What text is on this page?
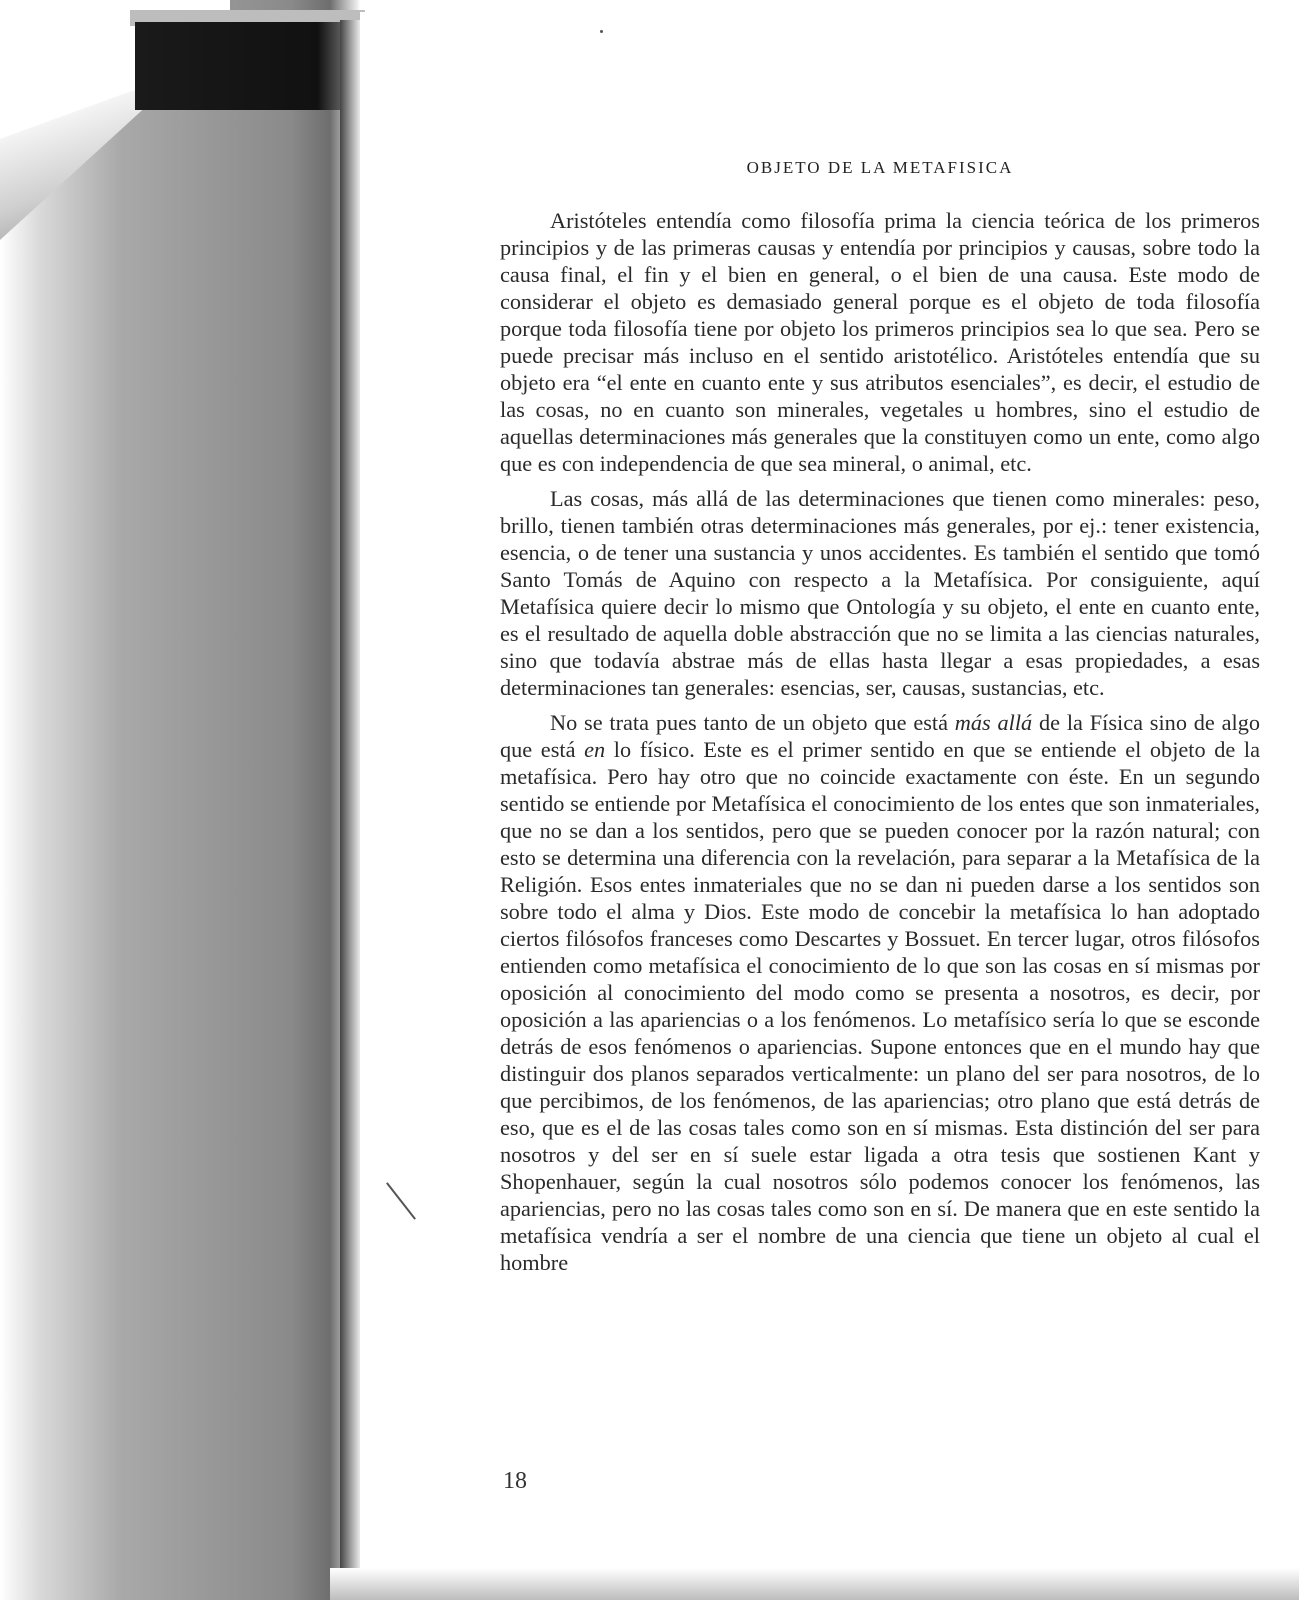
OBJETO DE LA METAFISICA

Aristóteles entendía como filosofía prima la ciencia teórica de los primeros principios y de las primeras causas y entendía por principios y causas, sobre todo la causa final, el fin y el bien en general, o el bien de una causa. Este modo de considerar el objeto es demasiado general porque es el objeto de toda filosofía porque toda filosofía tiene por objeto los primeros principios sea lo que sea. Pero se puede precisar más incluso en el sentido aristotélico. Aristóteles entendía que su objeto era “el ente en cuanto ente y sus atributos esenciales”, es decir, el estudio de las cosas, no en cuanto son minerales, vegetales u hombres, sino el estudio de aquellas determinaciones más generales que la constituyen como un ente, como algo que es con independencia de que sea mineral, o animal, etc.

Las cosas, más allá de las determinaciones que tienen como minerales: peso, brillo, tienen también otras determinaciones más generales, por ej.: tener existencia, esencia, o de tener una sustancia y unos accidentes. Es también el sentido que tomó Santo Tomás de Aquino con respecto a la Metafísica. Por consiguiente, aquí Metafísica quiere decir lo mismo que Ontología y su objeto, el ente en cuanto ente, es el resultado de aquella doble abstracción que no se limita a las ciencias naturales, sino que todavía abstrae más de ellas hasta llegar a esas propiedades, a esas determinaciones tan generales: esencias, ser, causas, sustancias, etc.

No se trata pues tanto de un objeto que está más allá de la Física sino de algo que está en lo físico. Este es el primer sentido en que se entiende el objeto de la metafísica. Pero hay otro que no coincide exactamente con éste. En un segundo sentido se entiende por Metafísica el conocimiento de los entes que son inmateriales, que no se dan a los sentidos, pero que se pueden conocer por la razón natural; con esto se determina una diferencia con la revelación, para separar a la Metafísica de la Religión. Esos entes inmateriales que no se dan ni pueden darse a los sentidos son sobre todo el alma y Dios. Este modo de concebir la metafísica lo han adoptado ciertos filósofos franceses como Descartes y Bossuet. En tercer lugar, otros filósofos entienden como metafísica el conocimiento de lo que son las cosas en sí mismas por oposición al conocimiento del modo como se presenta a nosotros, es decir, por oposición a las apariencias o a los fenómenos. Lo metafísico sería lo que se esconde detrás de esos fenómenos o apariencias. Supone entonces que en el mundo hay que distinguir dos planos separados verticalmente: un plano del ser para nosotros, de lo que percibimos, de los fenómenos, de las apariencias; otro plano que está detrás de eso, que es el de las cosas tales como son en sí mismas. Esta distinción del ser para nosotros y del ser en sí suele estar ligada a otra tesis que sostienen Kant y Shopenhauer, según la cual nosotros sólo podemos conocer los fenómenos, las apariencias, pero no las cosas tales como son en sí. De manera que en este sentido la metafísica vendría a ser el nombre de una ciencia que tiene un objeto al cual el hombre

18
